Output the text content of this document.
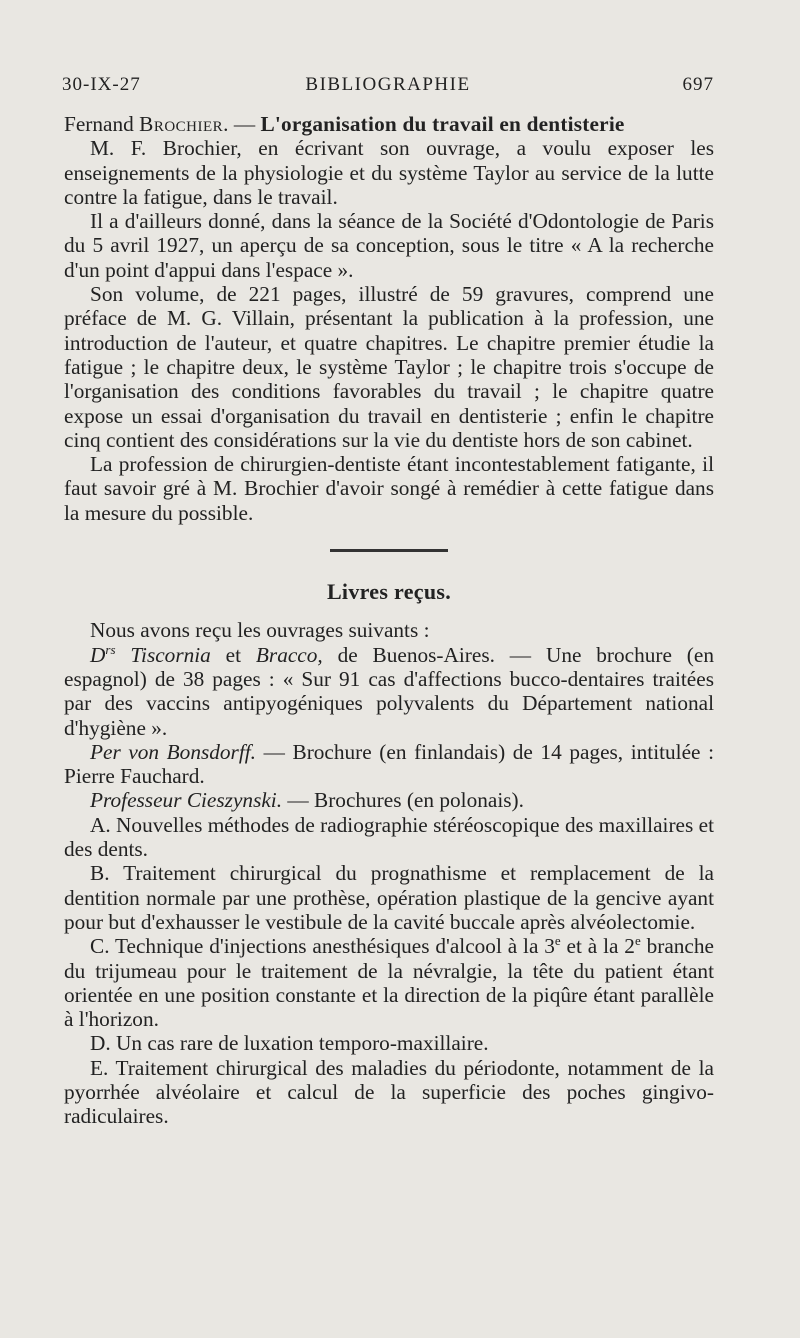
30-IX-27	BIBLIOGRAPHIE	697

Fernand Brochier. — L'organisation du travail en dentisterie

M. F. Brochier, en écrivant son ouvrage, a voulu exposer les enseignements de la physiologie et du système Taylor au service de la lutte contre la fatigue, dans le travail.

Il a d'ailleurs donné, dans la séance de la Société d'Odontologie de Paris du 5 avril 1927, un aperçu de sa conception, sous le titre « A la recherche d'un point d'appui dans l'espace ».

Son volume, de 221 pages, illustré de 59 gravures, comprend une préface de M. G. Villain, présentant la publication à la profession, une introduction de l'auteur, et quatre chapitres. Le chapitre premier étudie la fatigue ; le chapitre deux, le système Taylor ; le chapitre trois s'occupe de l'organisation des conditions favorables du travail ; le chapitre quatre expose un essai d'organisation du travail en dentisterie ; enfin le chapitre cinq contient des considérations sur la vie du dentiste hors de son cabinet.

La profession de chirurgien-dentiste étant incontestablement fatigante, il faut savoir gré à M. Brochier d'avoir songé à remédier à cette fatigue dans la mesure du possible.

Livres reçus.

Nous avons reçu les ouvrages suivants :

$D^{rs}$ Tiscornia et Bracco, de Buenos-Aires. — Une brochure (en espagnol) de 38 pages : « Sur 91 cas d'affections bucco-dentaires traitées par des vaccins antipyogéniques polyvalents du Département national d'hygiène ».

Per von Bonsdorff. — Brochure (en finlandais) de 14 pages, intitulée : Pierre Fauchard.

Professeur Cieszynski. — Brochures (en polonais).

A. Nouvelles méthodes de radiographie stéréoscopique des maxillaires et des dents.

B. Traitement chirurgical du prognathisme et remplacement de la dentition normale par une prothèse, opération plastique de la gencive ayant pour but d'exhausser le vestibule de la cavité buccale après alvéolectomie.

C. Technique d'injections anesthésiques d'alcool à la 3e et à la 2e branche du trijumeau pour le traitement de la névralgie, la tête du patient étant orientée en une position constante et la direction de la piqûre étant parallèle à l'horizon.

D. Un cas rare de luxation temporo-maxillaire.

E. Traitement chirurgical des maladies du périodonte, notamment de la pyorrhée alvéolaire et calcul de la superficie des poches gingivo-radiculaires.
